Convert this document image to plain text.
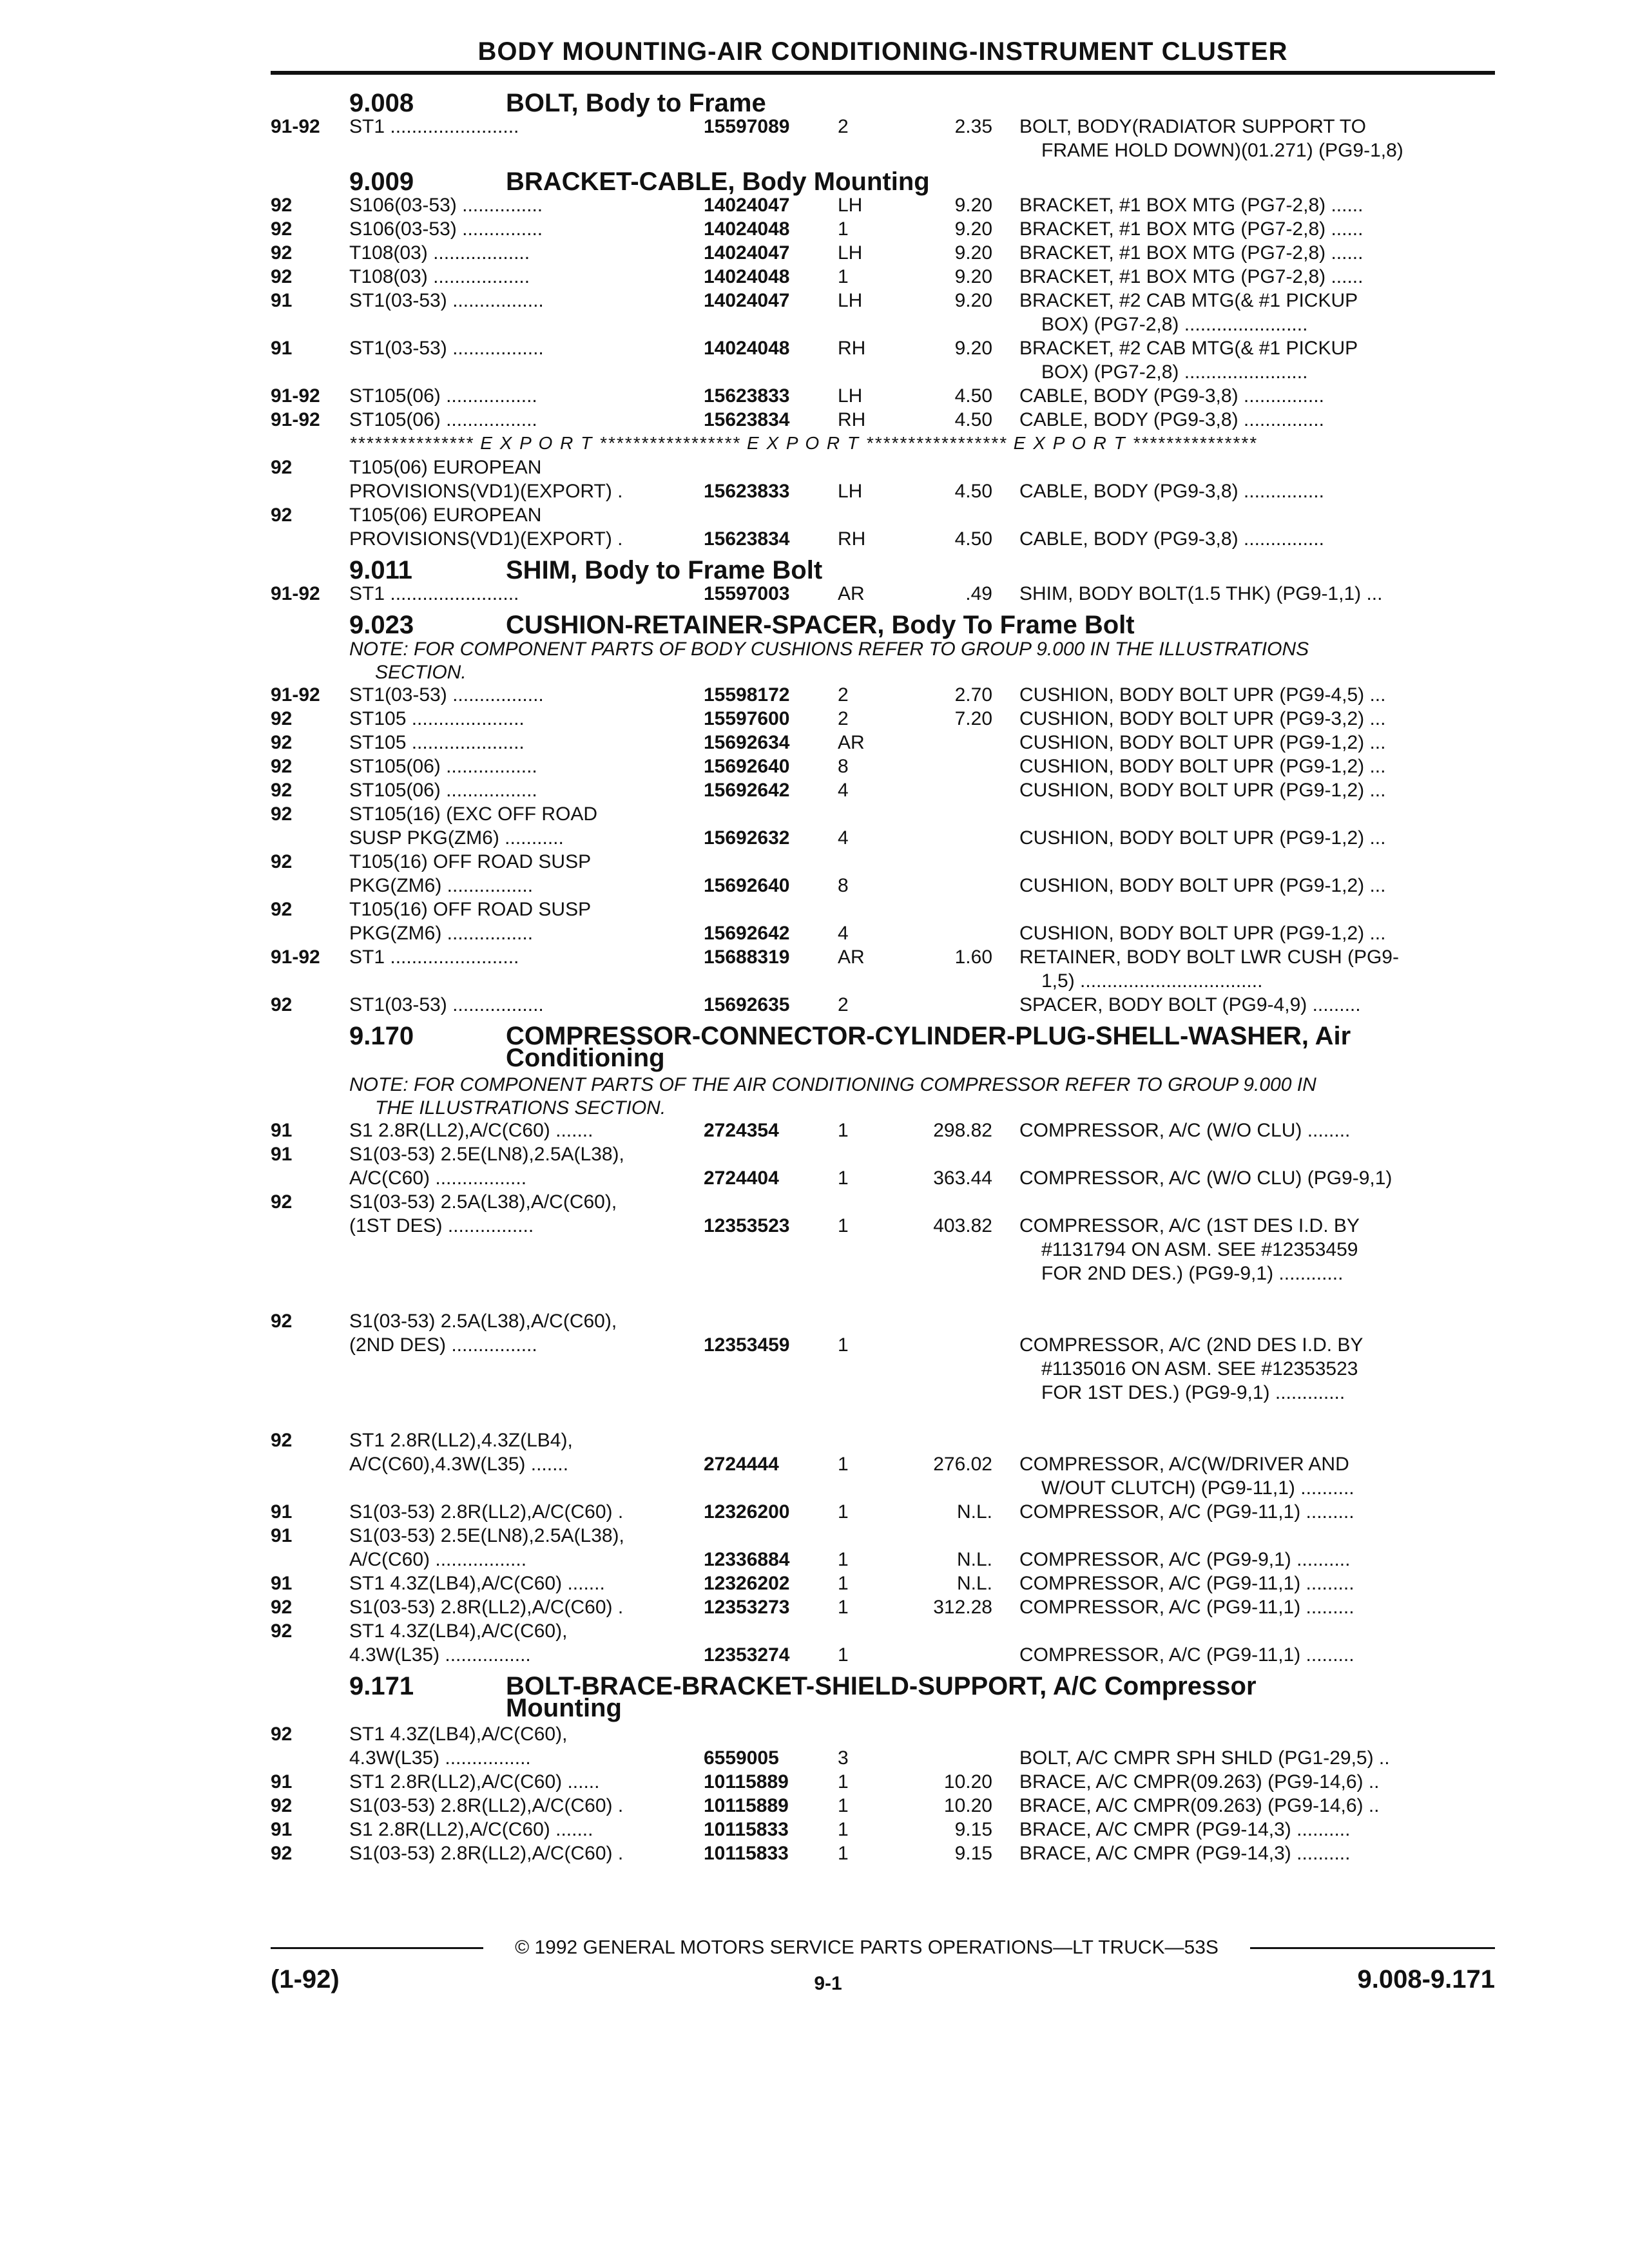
BODY MOUNTING-AIR CONDITIONING-INSTRUMENT CLUSTER
9.008	BOLT, Body to Frame
91-92	ST1 ........................	15597089	2	2.35 BOLT, BODY(RADIATOR SUPPORT TO
FRAME HOLD DOWN)(01.271) (PG9-1,8)
9.009	BRACKET-CABLE, Body Mounting
92	S106(03-53) ...............	14024047	LH	9.20 BRACKET, #1 BOX MTG (PG7-2,8) ......
92	S106(03-53) ...............	14024048	1	9.20 BRACKET, #1 BOX MTG (PG7-2,8) ......
92	T108(03) ..................	14024047	LH	9.20 BRACKET, #1 BOX MTG (PG7-2,8) ......
92	T108(03) ..................	14024048	1	9.20 BRACKET, #1 BOX MTG (PG7-2,8) ......
91	ST1(03-53) .................	14024047	LH	9.20 BRACKET, #2 CAB MTG(& #1 PICKUP
BOX) (PG7-2,8) .......................
91	ST1(03-53) .................	14024048	RH	9.20 BRACKET, #2 CAB MTG(& #1 PICKUP
BOX) (PG7-2,8) .......................
91-92	ST105(06) .................	15623833	LH	4.50 CABLE, BODY (PG9-3,8) ...............
91-92	ST105(06) .................	15623834	RH	4.50 CABLE, BODY (PG9-3,8) ...............
*************** E X P O R T ***************** E X P O R T ***************** E X P O R T ***************
92	T105(06) EUROPEAN
PROVISIONS(VD1)(EXPORT) .	15623833	LH	4.50 CABLE, BODY (PG9-3,8) ...............
92	T105(06) EUROPEAN
PROVISIONS(VD1)(EXPORT) .	15623834	RH	4.50 CABLE, BODY (PG9-3,8) ...............
9.011	SHIM, Body to Frame Bolt
91-92	ST1 ........................	15597003	AR	.49 SHIM, BODY BOLT(1.5 THK) (PG9-1,1) ...
9.023	CUSHION-RETAINER-SPACER, Body To Frame Bolt
NOTE: FOR COMPONENT PARTS OF BODY CUSHIONS REFER TO GROUP 9.000 IN THE ILLUSTRATIONS
SECTION.
91-92	ST1(03-53) .................	15598172	2	2.70 CUSHION, BODY BOLT UPR (PG9-4,5) ...
92	ST105 .....................	15597600	2	7.20 CUSHION, BODY BOLT UPR (PG9-3,2) ...
92	ST105 .....................	15692634	AR	CUSHION, BODY BOLT UPR (PG9-1,2) ...
92	ST105(06) .................	15692640	8	CUSHION, BODY BOLT UPR (PG9-1,2) ...
92	ST105(06) .................	15692642	4	CUSHION, BODY BOLT UPR (PG9-1,2) ...
92	ST105(16) (EXC OFF ROAD
SUSP PKG(ZM6) ...........	15692632	4	CUSHION, BODY BOLT UPR (PG9-1,2) ...
92	T105(16) OFF ROAD SUSP
PKG(ZM6) ................	15692640	8	CUSHION, BODY BOLT UPR (PG9-1,2) ...
92	T105(16) OFF ROAD SUSP
PKG(ZM6) ................	15692642	4	CUSHION, BODY BOLT UPR (PG9-1,2) ...
91-92	ST1 ........................	15688319	AR	1.60 RETAINER, BODY BOLT LWR CUSH (PG9-
1,5) ..................................
92	ST1(03-53) .................	15692635	2	SPACER, BODY BOLT (PG9-4,9) .........
9.170	COMPRESSOR-CONNECTOR-CYLINDER-PLUG-SHELL-WASHER, Air
Conditioning
NOTE: FOR COMPONENT PARTS OF THE AIR CONDITIONING COMPRESSOR REFER TO GROUP 9.000 IN
THE ILLUSTRATIONS SECTION.
91	S1 2.8R(LL2),A/C(C60) .......	2724354	1	298.82 COMPRESSOR, A/C (W/O CLU) ........
91	S1(03-53) 2.5E(LN8),2.5A(L38),
A/C(C60) .................	2724404	1	363.44 COMPRESSOR, A/C (W/O CLU) (PG9-9,1)
92	S1(03-53) 2.5A(L38),A/C(C60),
(1ST DES) ................	12353523	1	403.82 COMPRESSOR, A/C (1ST DES I.D. BY
#1131794 ON ASM. SEE #12353459
FOR 2ND DES.) (PG9-9,1) ............
92	S1(03-53) 2.5A(L38),A/C(C60),
(2ND DES) ................	12353459	1	COMPRESSOR, A/C (2ND DES I.D. BY
#1135016 ON ASM. SEE #12353523
FOR 1ST DES.) (PG9-9,1) .............
92	ST1 2.8R(LL2),4.3Z(LB4),
A/C(C60),4.3W(L35) .......	2724444	1	276.02 COMPRESSOR, A/C(W/DRIVER AND
W/OUT CLUTCH) (PG9-11,1) ..........
91	S1(03-53) 2.8R(LL2),A/C(C60) .	12326200	1	N.L. COMPRESSOR, A/C (PG9-11,1) .........
91	S1(03-53) 2.5E(LN8),2.5A(L38),
A/C(C60) .................	12336884	1	N.L. COMPRESSOR, A/C (PG9-9,1) ..........
91	ST1 4.3Z(LB4),A/C(C60) .......	12326202	1	N.L. COMPRESSOR, A/C (PG9-11,1) .........
92	S1(03-53) 2.8R(LL2),A/C(C60) .	12353273	1	312.28 COMPRESSOR, A/C (PG9-11,1) .........
92	ST1 4.3Z(LB4),A/C(C60),
4.3W(L35) ................	12353274	1	COMPRESSOR, A/C (PG9-11,1) .........
9.171	BOLT-BRACE-BRACKET-SHIELD-SUPPORT, A/C Compressor
Mounting
92	ST1 4.3Z(LB4),A/C(C60),
4.3W(L35) ................	6559005	3	BOLT, A/C CMPR SPH SHLD (PG1-29,5) ..
91	ST1 2.8R(LL2),A/C(C60) ......	10115889	1	10.20 BRACE, A/C CMPR(09.263) (PG9-14,6) ..
92	S1(03-53) 2.8R(LL2),A/C(C60) .	10115889	1	10.20 BRACE, A/C CMPR(09.263) (PG9-14,6) ..
91	S1 2.8R(LL2),A/C(C60) .......	10115833	1	9.15 BRACE, A/C CMPR (PG9-14,3) ..........
92	S1(03-53) 2.8R(LL2),A/C(C60) .	10115833	1	9.15 BRACE, A/C CMPR (PG9-14,3) ..........
© 1992 GENERAL MOTORS SERVICE PARTS OPERATIONS—LT TRUCK—53S
(1-92)	9-1	9.008-9.171
